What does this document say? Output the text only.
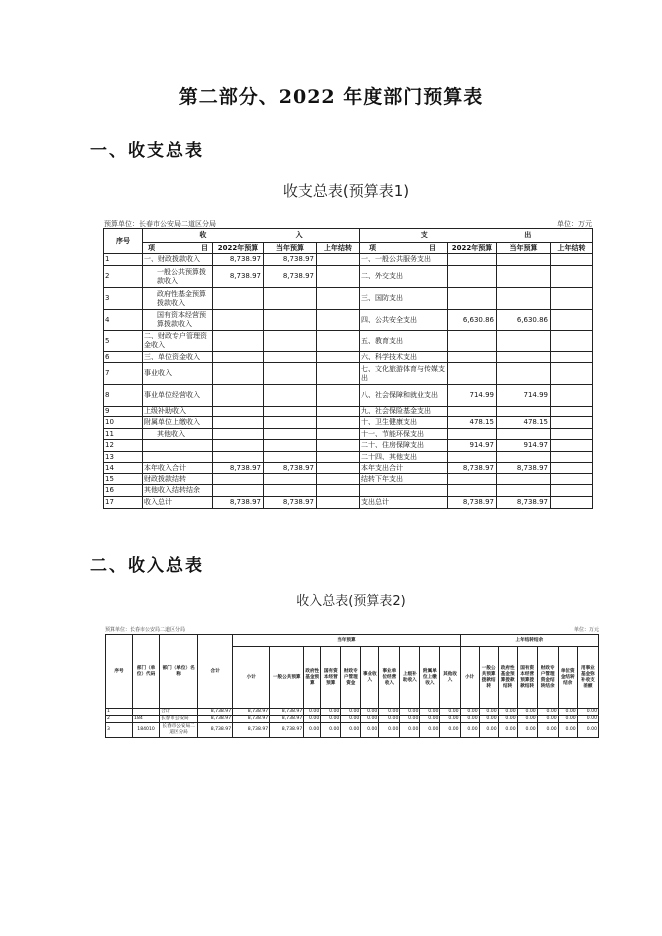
第二部分、2022 年度部门预算表
一、收支总表
收支总表(预算表1)
预算单位：长春市公安局二道区分局	单位：万元
序号	收 入				支 出			

	项 目	2022年预算	当年预算	上年结转	项 目	2022年预算	当年预算	上年结转
1	一、财政拨款收入	8,738.97	8,738.97		一、一般公共服务支出			
2	一般公共预算拨款收入	8,738.97	8,738.97		二、外交支出			
3	政府性基金预算拨款收入				三、国防支出			
4	国有资本经营预算拨款收入				四、公共安全支出	6,630.86	6,630.86	
5	二、财政专户管理资金收入				五、教育支出			
6	三、单位资金收入				六、科学技术支出			
7	事业收入				七、文化旅游体育与传媒支出			
8	事业单位经营收入				八、社会保障和就业支出	714.99	714.99	
9	上级补助收入				九、社会保险基金支出			
10	附属单位上缴收入				十、卫生健康支出	478.15	478.15	
11	其他收入				十一、节能环保支出			
12					二十、住房保障支出	914.97	914.97	
13					二十四、其他支出			
14	本年收入合计	8,738.97	8,738.97		本年支出合计	8,738.97	8,738.97	
15	财政拨款结转				结转下年支出			
16	其他收入结转结余							
17	收入总计	8,738.97	8,738.97		支出总计	8,738.97	8,738.97	
二、收入总表
收入总表(预算表2)
预算单位：长春市公安局二道区分局	单位：万元
序号	部门（单位）代码	部门（单位）名称	合计	当年预算										上年结转结余						
				小计	一般公共预算	政府性基金预算	国有资本经营预算	财政专户管理资金	事业收入	事业单位经营收入	上级补助收入	附属单位上缴收入	其他收入	小计	一般公共预算拨款结转	政府性基金预算拨款结转	国有资本经营预算拨款结转	财政专户管理资金结转结余	单位资金结转结余	用事业基金弥补收支差额
1		合计	8,738.97	8,738.97	8,738.97	0.00	0.00	0.00	0.00	0.00	0.00	0.00	0.00	0.00	0.00	0.00	0.00	0.00	0.00	0.00
2	184	长春市公安局	8,738.97	8,738.97	8,738.97	0.00	0.00	0.00	0.00	0.00	0.00	0.00	0.00	0.00	0.00	0.00	0.00	0.00	0.00	0.00
3	184010	长春市公安局二道区分局	8,738.97	8,738.97	8,738.97	0.00	0.00	0.00	0.00	0.00	0.00	0.00	0.00	0.00	0.00	0.00	0.00	0.00	0.00	0.00
